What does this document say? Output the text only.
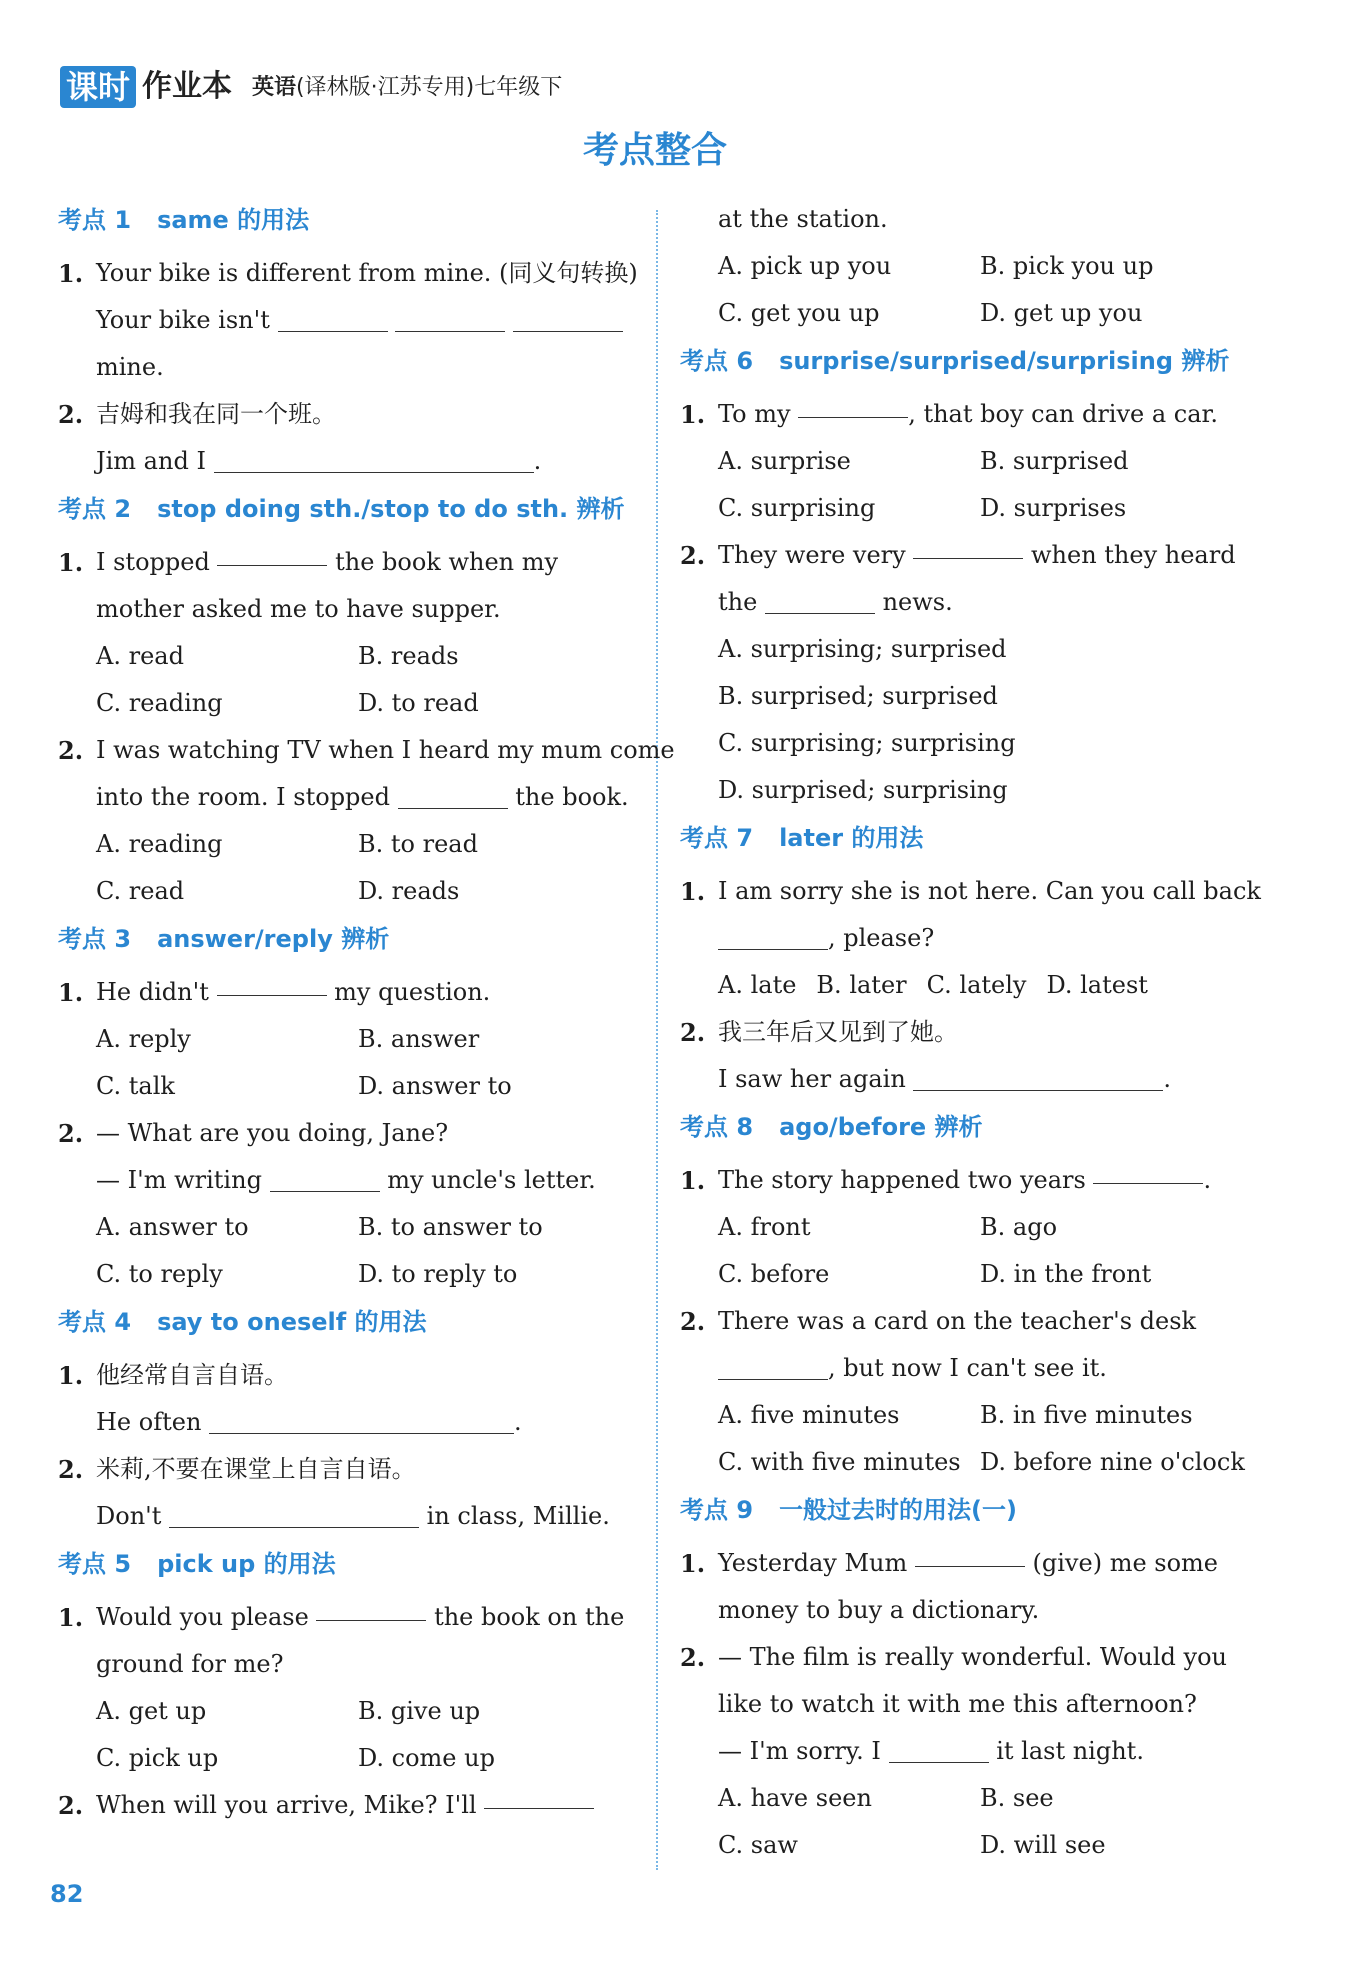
课时 作业本 英语(译林版·江苏专用)七年级下
考点整合
考点 1 same 的用法
1. Your bike is different from mine. (同义句转换)
Your bike isn't
mine.
2. 吉姆和我在同一个班。
Jim and I	.
考点 2 stop doing sth./stop to do sth. 辨析
1. I stopped

	the book when my
mother asked me to have supper.
A. read	B. reads
C. reading	D. to read
2. I was watching TV when I heard my mum come
into the room. I stopped	the book.
A. reading	B. to read
C. read	D. reads
考点 3 answer/reply 辨析
1. He didn't

	my question.
A. reply	B. answer
C. talk	D. answer to
2. — What are you doing, Jane?
— I'm writing	my uncle's letter.
A. answer to	B. to answer to
C. to reply	D. to reply to
考点 4 say to oneself 的用法
1. 他经常自言自语。
He often	.
2. 米莉,不要在课堂上自言自语。
Don't	in class, Millie.
考点 5 pick up 的用法
1. Would you please

	the book on the
ground for me?
A. get up	B. give up
C. pick up	D. come up
2. When will you arrive, Mike? I'll

at the station.
A. pick up you	B. pick you up
C. get you up	D. get up you
考点 6 surprise/surprised/surprising 辨析
1. To my
	, that boy can drive a car.
A. surprise	B. surprised
C. surprising	D. surprises
2. They were very

	when they heard
the	news.
A. surprising; surprised
B. surprised; surprised
C. surprising; surprising
D. surprised; surprising
考点 7 later 的用法
1. I am sorry she is not here. Can you call back
, please?
A. late B. later C. lately D. latest
2. 我三年后又见到了她。
I saw her again	.
考点 8 ago/before 辨析
1. The story happened two years
	.
A. front	B. ago
C. before	D. in the front
2. There was a card on the teacher's desk
, but now I can't see it.
A. five minutes	B. in five minutes
C. with five minutes D. before nine o'clock
考点 9 一般过去时的用法(一)
1. Yesterday Mum

	(give) me some
money to buy a dictionary.
2. — The film is really wonderful. Would you
like to watch it with me this afternoon?
— I'm sorry. I	it last night.
A. have seen	B. see
C. saw	D. will see
82
